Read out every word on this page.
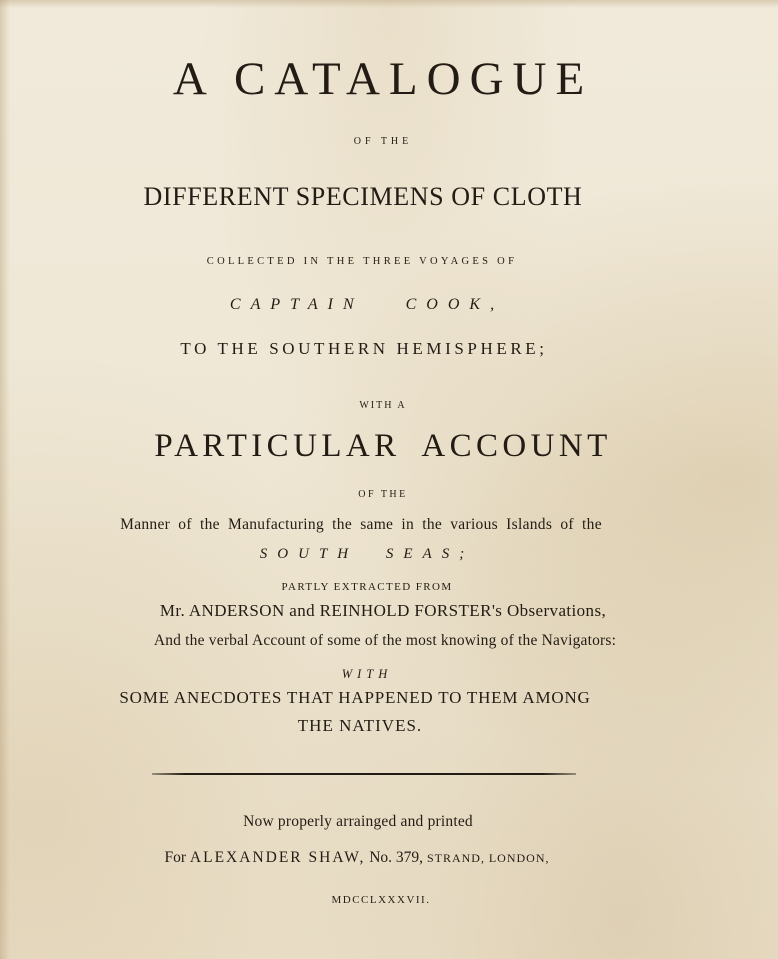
A CATALOGUE
OF THE
DIFFERENT SPECIMENS OF CLOTH
COLLECTED IN THE THREE VOYAGES OF
CAPTAIN COOK,
TO THE SOUTHERN HEMISPHERE;
WITH A
PARTICULAR ACCOUNT
OF THE
Manner of the Manufacturing the same in the various Islands of the
SOUTH SEAS;
PARTLY EXTRACTED FROM
Mr. ANDERSON and REINHOLD FORSTER's Observations,
And the verbal Account of some of the most knowing of the Navigators:
WITH
SOME ANECDOTES THAT HAPPENED TO THEM AMONG
THE NATIVES.
Now properly arrainged and printed
For ALEXANDER SHAW, No. 379, STRAND, LONDON,
MDCCLXXXVII.
